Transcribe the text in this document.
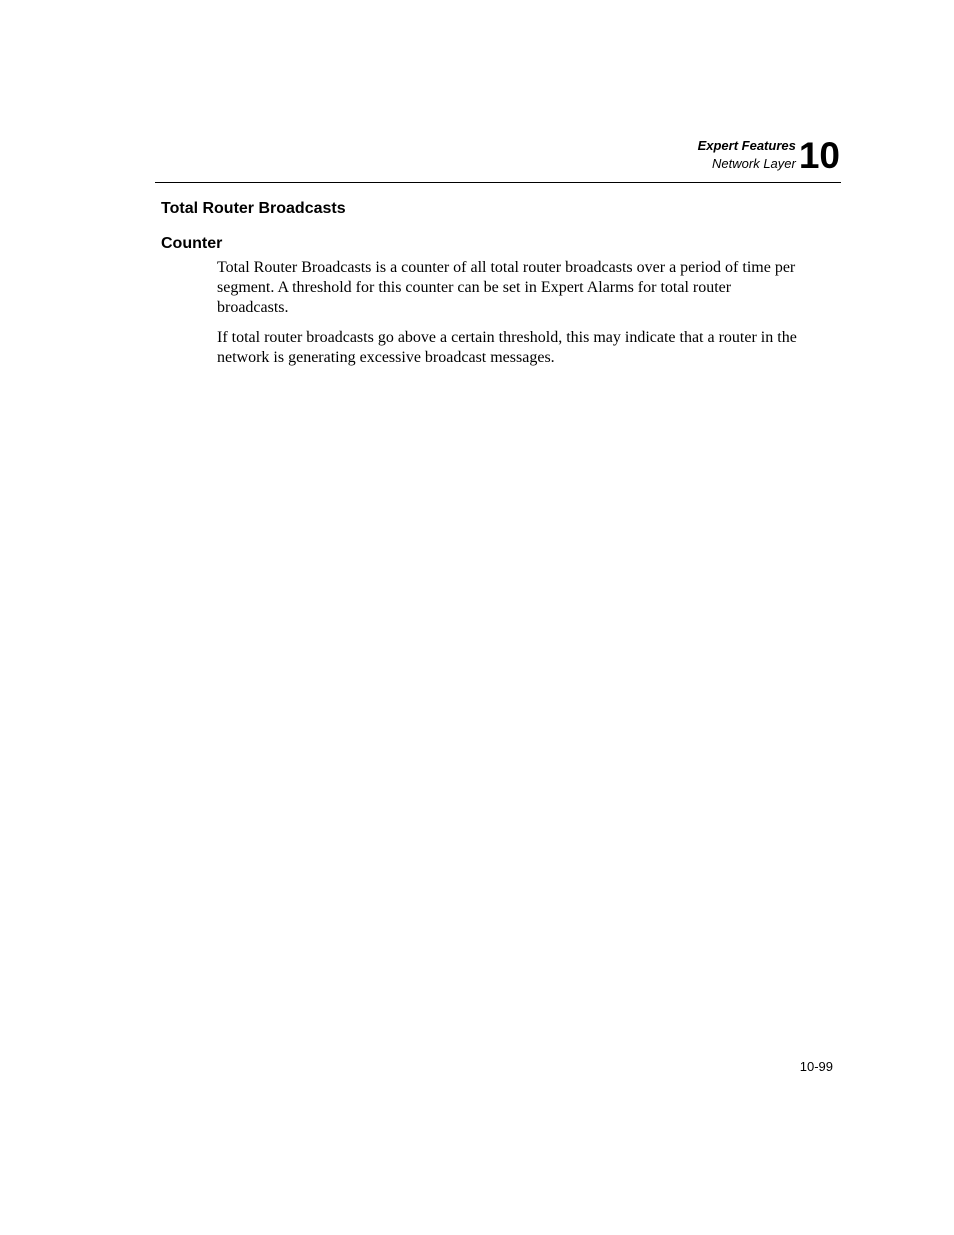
Expert Features
Network Layer 10
Total Router Broadcasts
Counter

Total Router Broadcasts is a counter of all total router broadcasts over a period of time per segment. A threshold for this counter can be set in Expert Alarms for total router broadcasts.

If total router broadcasts go above a certain threshold, this may indicate that a router in the network is generating excessive broadcast messages.

10-99
